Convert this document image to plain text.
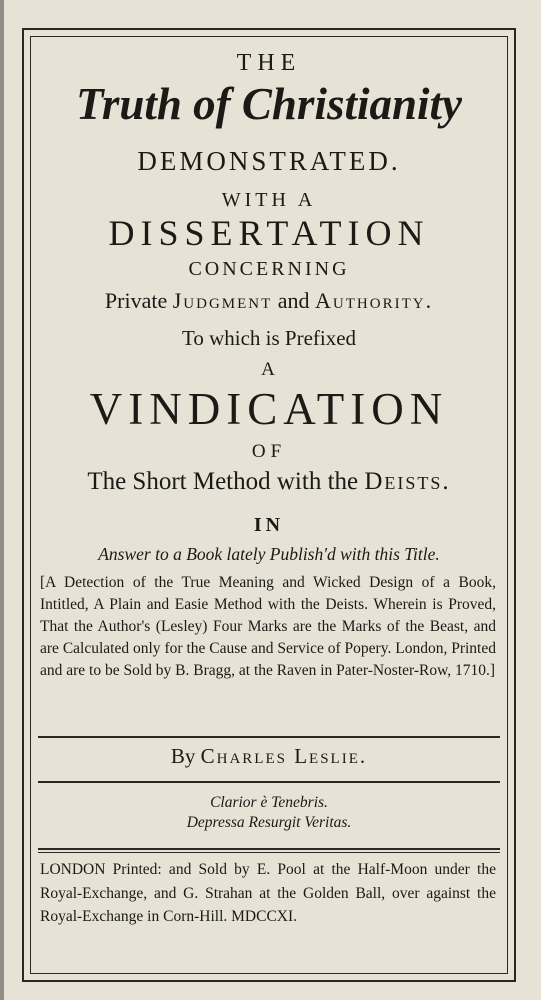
THE
Truth of Christianity
DEMONSTRATED.
WITH A
DISSERTATION
CONCERNING
Private Judgment and Authority.
To which is Prefixed
A
VINDICATION
OF
The Short Method with the Deists.
IN
Answer to a Book lately Publish'd with this Title.
[A Detection of the True Meaning and Wicked Design of a Book, Intitled, A Plain and Easie Method with the Deists. Wherein is Proved, That the Author's (Lesley) Four Marks are the Marks of the Beast, and are Calculated only for the Cause and Service of Popery. London, Printed and are to be Sold by B. Bragg, at the Raven in Pater-Noster-Row, 1710.]
By Charles Leslie.
Clarior è Tenebris.
Depressa Resurgit Veritas.
LONDON Printed: and Sold by E. Pool at the Half-Moon under the Royal-Exchange, and G. Strahan at the Golden Ball, over against the Royal-Exchange in Corn-Hill. MDCCXI.
